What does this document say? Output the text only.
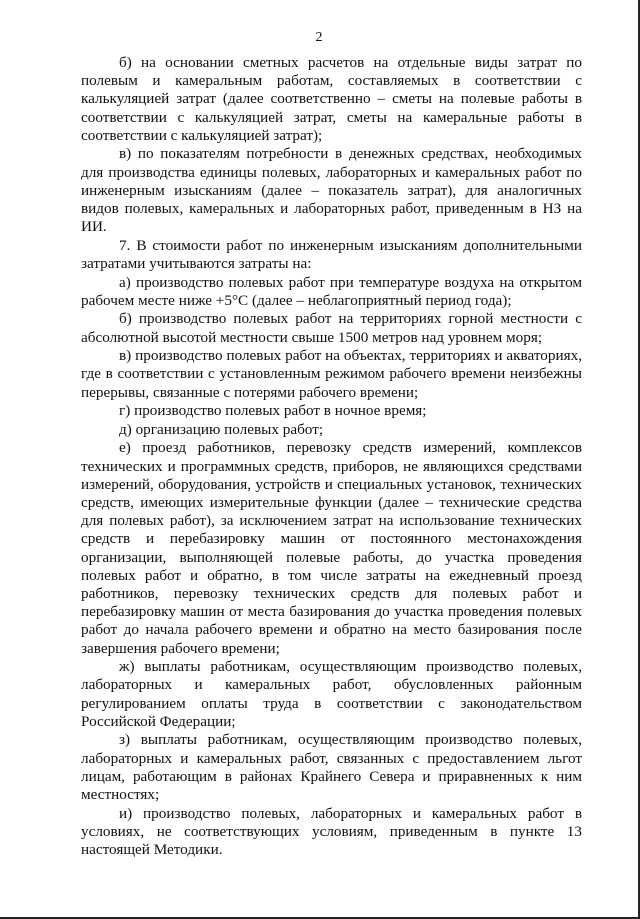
2

б) на основании сметных расчетов на отдельные виды затрат по полевым и камеральным работам, составляемых в соответствии с калькуляцией затрат (далее соответственно – сметы на полевые работы в соответствии с калькуляцией затрат, сметы на камеральные работы в соответствии с калькуляцией затрат);

в) по показателям потребности в денежных средствах, необходимых для производства единицы полевых, лабораторных и камеральных работ по инженерным изысканиям (далее – показатель затрат), для аналогичных видов полевых, камеральных и лабораторных работ, приведенным в НЗ на ИИ.

7. В стоимости работ по инженерным изысканиям дополнительными затратами учитываются затраты на:

а) производство полевых работ при температуре воздуха на открытом рабочем месте ниже +5°C (далее – неблагоприятный период года);

б) производство полевых работ на территориях горной местности с абсолютной высотой местности свыше 1500 метров над уровнем моря;

в) производство полевых работ на объектах, территориях и акваториях, где в соответствии с установленным режимом рабочего времени неизбежны перерывы, связанные с потерями рабочего времени;

г) производство полевых работ в ночное время;

д) организацию полевых работ;

е) проезд работников, перевозку средств измерений, комплексов технических и программных средств, приборов, не являющихся средствами измерений, оборудования, устройств и специальных установок, технических средств, имеющих измерительные функции (далее – технические средства для полевых работ), за исключением затрат на использование технических средств и перебазировку машин от постоянного местонахождения организации, выполняющей полевые работы, до участка проведения полевых работ и обратно, в том числе затраты на ежедневный проезд работников, перевозку технических средств для полевых работ и перебазировку машин от места базирования до участка проведения полевых работ до начала рабочего времени и обратно на место базирования после завершения рабочего времени;

ж) выплаты работникам, осуществляющим производство полевых, лабораторных и камеральных работ, обусловленных районным регулированием оплаты труда в соответствии с законодательством Российской Федерации;

з) выплаты работникам, осуществляющим производство полевых, лабораторных и камеральных работ, связанных с предоставлением льгот лицам, работающим в районах Крайнего Севера и приравненных к ним местностях;

и) производство полевых, лабораторных и камеральных работ в условиях, не соответствующих условиям, приведенным в пункте 13 настоящей Методики.
